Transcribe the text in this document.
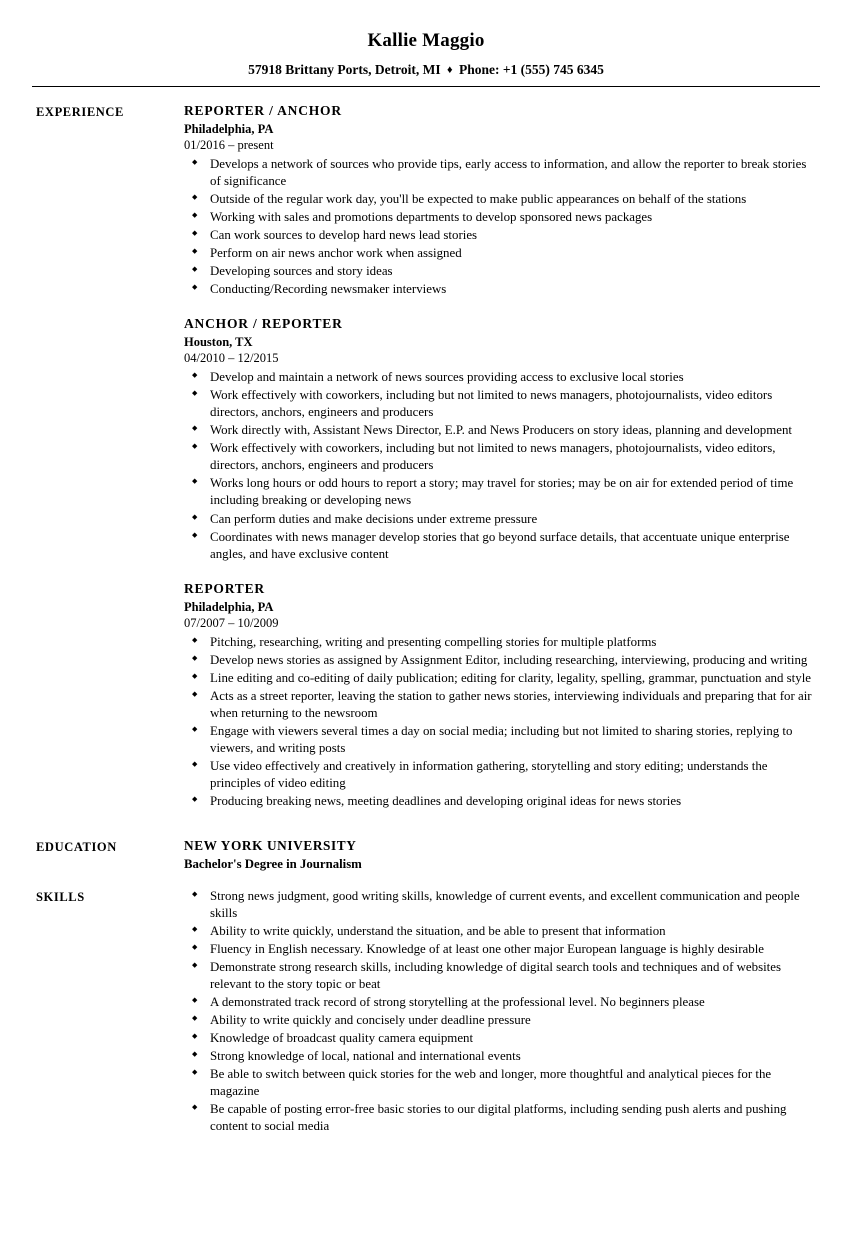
Kallie Maggio
57918 Brittany Ports, Detroit, MI ♦ Phone: +1 (555) 745 6345
EXPERIENCE	REPORTER / ANCHOR
Philadelphia, PA
01/2016 – present
◆ Develops a network of sources who provide tips, early access to information, and allow the reporter to break stories of significance
◆ Outside of the regular work day, you'll be expected to make public appearances on behalf of the stations
◆ Working with sales and promotions departments to develop sponsored news packages
◆ Can work sources to develop hard news lead stories
◆ Perform on air news anchor work when assigned
◆ Developing sources and story ideas
◆ Conducting/Recording newsmaker interviews
ANCHOR / REPORTER
Houston, TX
04/2010 – 12/2015
◆ Develop and maintain a network of news sources providing access to exclusive local stories
◆ Work effectively with coworkers, including but not limited to news managers, photojournalists, video editors directors, anchors, engineers and producers
◆ Work directly with, Assistant News Director, E.P. and News Producers on story ideas, planning and development
◆ Work effectively with coworkers, including but not limited to news managers, photojournalists, video editors, directors, anchors, engineers and producers
◆ Works long hours or odd hours to report a story; may travel for stories; may be on air for extended period of time including breaking or developing news
◆ Can perform duties and make decisions under extreme pressure
◆ Coordinates with news manager develop stories that go beyond surface details, that accentuate unique enterprise angles, and have exclusive content
REPORTER
Philadelphia, PA
07/2007 – 10/2009
◆ Pitching, researching, writing and presenting compelling stories for multiple platforms
◆ Develop news stories as assigned by Assignment Editor, including researching, interviewing, producing and writing
◆ Line editing and co-editing of daily publication; editing for clarity, legality, spelling, grammar, punctuation and style
◆ Acts as a street reporter, leaving the station to gather news stories, interviewing individuals and preparing that for air when returning to the newsroom
◆ Engage with viewers several times a day on social media; including but not limited to sharing stories, replying to viewers, and writing posts
◆ Use video effectively and creatively in information gathering, storytelling and story editing; understands the principles of video editing
◆ Producing breaking news, meeting deadlines and developing original ideas for news stories
EDUCATION	NEW YORK UNIVERSITY
Bachelor's Degree in Journalism
SKILLS	◆ Strong news judgment, good writing skills, knowledge of current events, and excellent communication and people skills
◆ Ability to write quickly, understand the situation, and be able to present that information
◆ Fluency in English necessary. Knowledge of at least one other major European language is highly desirable
◆ Demonstrate strong research skills, including knowledge of digital search tools and techniques and of websites relevant to the story topic or beat
◆ A demonstrated track record of strong storytelling at the professional level. No beginners please
◆ Ability to write quickly and concisely under deadline pressure
◆ Knowledge of broadcast quality camera equipment
◆ Strong knowledge of local, national and international events
◆ Be able to switch between quick stories for the web and longer, more thoughtful and analytical pieces for the magazine
◆ Be capable of posting error-free basic stories to our digital platforms, including sending push alerts and pushing content to social media
